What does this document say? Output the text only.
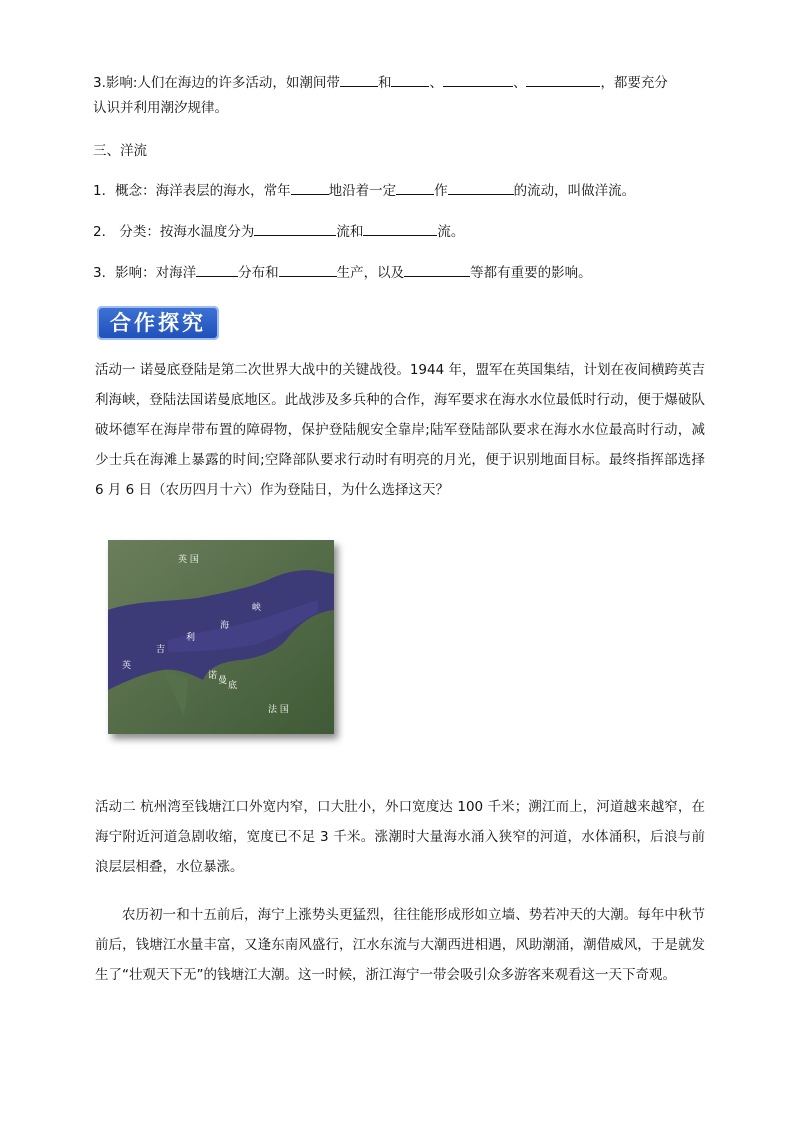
3.影响:人们在海边的许多活动，如潮间带	和	、	、	，都要充分
认识并利用潮汐规律。
三、洋流
1．概念：海洋表层的海水，常年	地沿着一定	作	的流动，叫做洋流。
2． 分类：按海水温度分为	流和	流。
3．影响：对海洋	分布和	生产，以及	等都有重要的影响。
合作探究
活动一 诺曼底登陆是第二次世界大战中的关键战役。1944 年，盟军在英国集结，计划在夜间横跨英吉利海峡，登陆法国诺曼底地区。此战涉及多兵种的合作，海军要求在海水水位最低时行动，便于爆破队破坏德军在海岸带布置的障碍物，保护登陆舰安全靠岸;陆军登陆部队要求在海水水位最高时行动，减少士兵在海滩上暴露的时间;空降部队要求行动时有明亮的月光，便于识别地面目标。最终指挥部选择 6 月 6 日（农历四月十六）作为登陆日，为什么选择这天？
英 国
英
吉
利
海
峡
诺 曼 底
法 国
活动二 杭州湾至钱塘江口外宽内窄，口大肚小，外口宽度达 100 千米；溯江而上，河道越来越窄，在海宁附近河道急剧收缩，宽度已不足 3 千米。涨潮时大量海水涌入狭窄的河道，水体涌积，后浪与前浪层层相叠，水位暴涨。
农历初一和十五前后，海宁上涨势头更猛烈，往往能形成形如立墙、势若冲天的大潮。每年中秋节前后，钱塘江水量丰富，又逢东南风盛行，江水东流与大潮西进相遇，风助潮涌，潮借威风，于是就发生了“壮观天下无”的钱塘江大潮。这一时候，浙江海宁一带会吸引众多游客来观看这一天下奇观。
